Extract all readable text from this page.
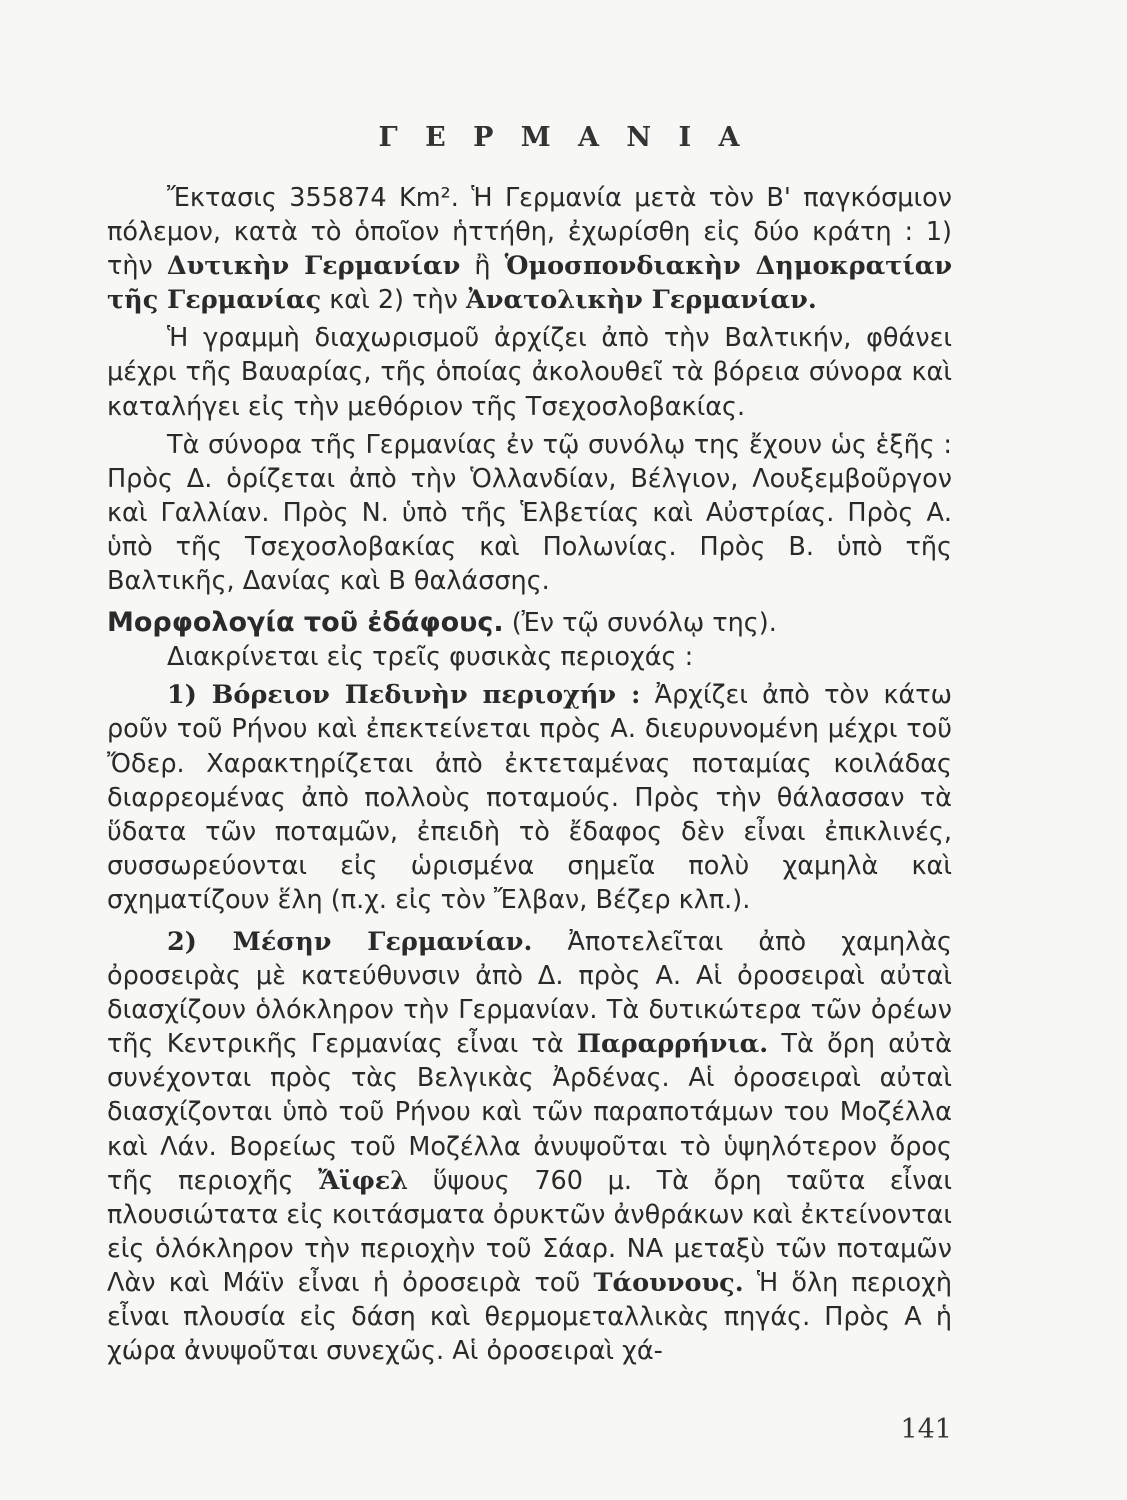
Γ Ε Ρ Μ Α Ν Ι Α

Ἔκτασις 355874 Km². Ἡ Γερμανία μετὰ τὸν Β' παγκόσμιον πόλεμον, κατὰ τὸ ὁποῖον ἡττήθη, ἐχωρίσθη εἰς δύο κράτη : 1) τὴν Δυτικὴν Γερμανίαν ἢ Ὁμοσπονδιακὴν Δημοκρατίαν τῆς Γερμανίας καὶ 2) τὴν Ἀνατολικὴν Γερμανίαν.

Ἡ γραμμὴ διαχωρισμοῦ ἀρχίζει ἀπὸ τὴν Βαλτικήν, φθάνει μέχρι τῆς Βαυαρίας, τῆς ὁποίας ἀκολουθεῖ τὰ βόρεια σύνορα καὶ καταλήγει εἰς τὴν μεθόριον τῆς Τσεχοσλοβακίας.

Τὰ σύνορα τῆς Γερμανίας ἐν τῷ συνόλῳ της ἔχουν ὡς ἑξῆς : Πρὸς Δ. ὁρίζεται ἀπὸ τὴν Ὁλλανδίαν, Βέλγιον, Λουξεμβοῦργον καὶ Γαλλίαν. Πρὸς Ν. ὑπὸ τῆς Ἑλβετίας καὶ Αὐστρίας. Πρὸς Α. ὑπὸ τῆς Τσεχοσλοβακίας καὶ Πολωνίας. Πρὸς Β. ὑπὸ τῆς Βαλτικῆς, Δανίας καὶ Β θαλάσσης.

Μορφολογία τοῦ ἐδάφους. (Ἐν τῷ συνόλῳ της).

Διακρίνεται εἰς τρεῖς φυσικὰς περιοχάς :

1) Βόρειον Πεδινὴν περιοχήν : Ἀρχίζει ἀπὸ τὸν κάτω ροῦν τοῦ Ρήνου καὶ ἐπεκτείνεται πρὸς Α. διευρυνομένη μέχρι τοῦ Ὄδερ. Χαρακτηρίζεται ἀπὸ ἐκτεταμένας ποταμίας κοιλάδας διαρρεομένας ἀπὸ πολλοὺς ποταμούς. Πρὸς τὴν θάλασσαν τὰ ὕδατα τῶν ποταμῶν, ἐπειδὴ τὸ ἔδαφος δὲν εἶναι ἐπικλινές, συσσωρεύονται εἰς ὡρισμένα σημεῖα πολὺ χαμηλὰ καὶ σχηματίζουν ἕλη (π.χ. εἰς τὸν Ἔλβαν, Βέζερ κλπ.).

2) Μέσην Γερμανίαν. Ἀποτελεῖται ἀπὸ χαμηλὰς ὀροσειρὰς μὲ κατεύθυνσιν ἀπὸ Δ. πρὸς Α. Αἱ ὀροσειραὶ αὐταὶ διασχίζουν ὁλόκληρον τὴν Γερμανίαν. Τὰ δυτικώτερα τῶν ὀρέων τῆς Κεντρικῆς Γερμανίας εἶναι τὰ Παραρρήνια. Τὰ ὄρη αὐτὰ συνέχονται πρὸς τὰς Βελγικὰς Ἀρδένας. Αἱ ὀροσειραὶ αὐταὶ διασχίζονται ὑπὸ τοῦ Ρήνου καὶ τῶν παραποτάμων του Μοζέλλα καὶ Λάν. Βορείως τοῦ Μοζέλλα ἀνυψοῦται τὸ ὑψηλότερον ὄρος τῆς περιοχῆς Ἄϊφελ ὕψους 760 μ. Τὰ ὄρη ταῦτα εἶναι πλουσιώτατα εἰς κοιτάσματα ὀρυκτῶν ἀνθράκων καὶ ἐκτείνονται εἰς ὁλόκληρον τὴν περιοχὴν τοῦ Σάαρ. ΝΑ μεταξὺ τῶν ποταμῶν Λὰν καὶ Μάϊν εἶναι ἡ ὀροσειρὰ τοῦ Τάουνους. Ἡ ὅλη περιοχὴ εἶναι πλουσία εἰς δάση καὶ θερμομεταλλικὰς πηγάς. Πρὸς Α ἡ χώρα ἀνυψοῦται συνεχῶς. Αἱ ὀροσειραὶ χά-

141
